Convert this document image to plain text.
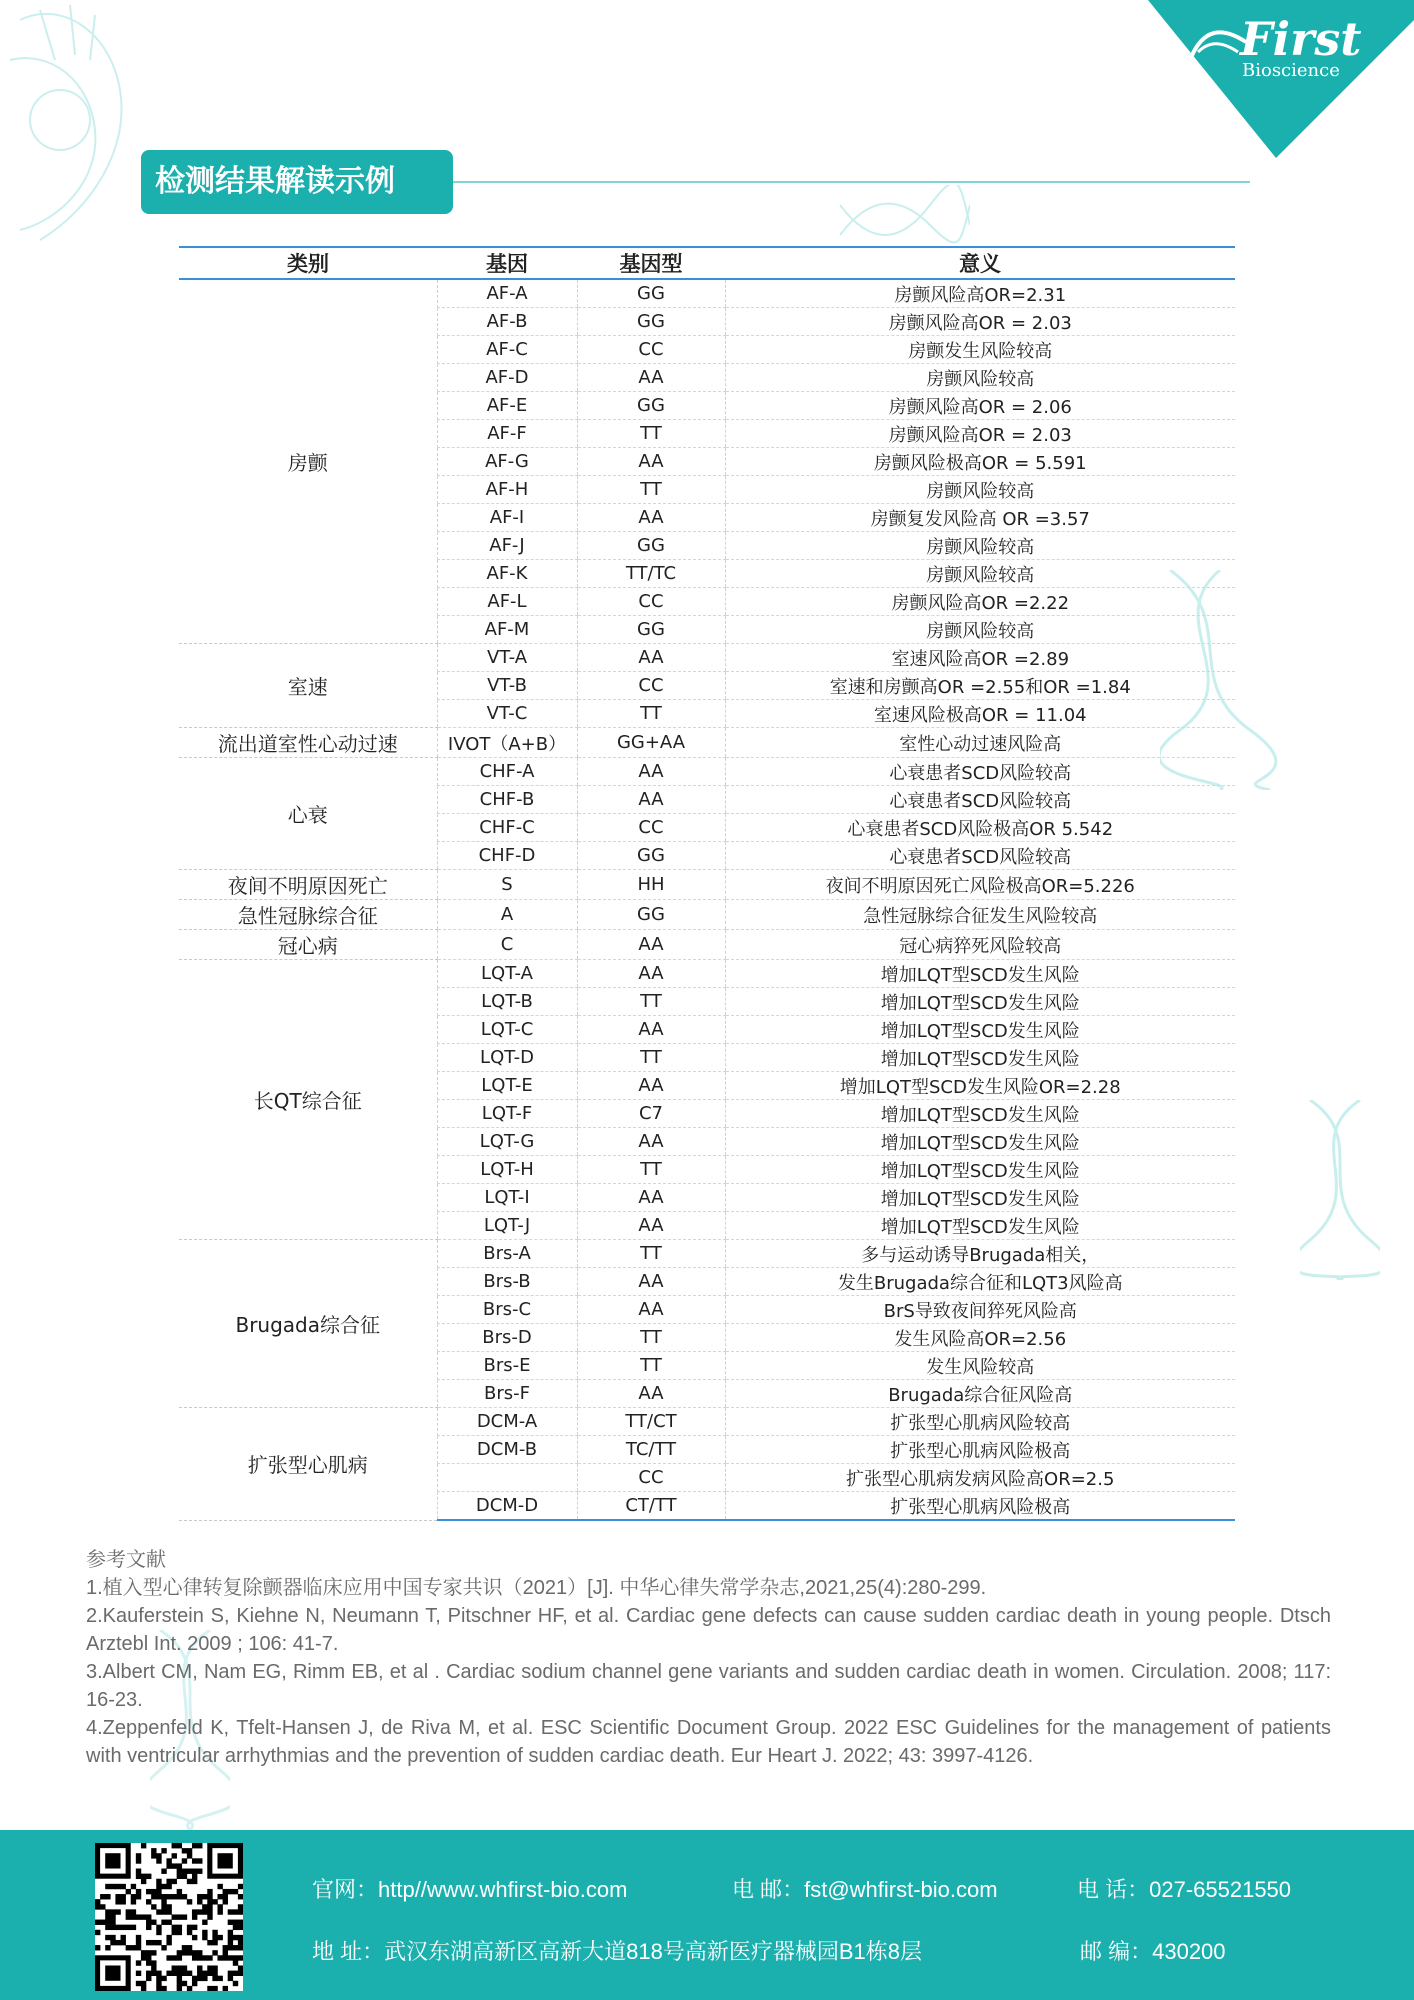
First
Bioscience
检测结果解读示例
类别	基因	基因型	意义
房颤	AF-A	GG	房颤风险高OR=2.31
	AF-B	GG	房颤风险高OR = 2.03
	AF-C	CC	房颤发生风险较高
	AF-D	AA	房颤风险较高
	AF-E	GG	房颤风险高OR = 2.06
	AF-F	TT	房颤风险高OR = 2.03
	AF-G	AA	房颤风险极高OR = 5.591
	AF-H	TT	房颤风险较高
	AF-I	AA	房颤复发风险高 OR =3.57
	AF-J	GG	房颤风险较高
	AF-K	TT/TC	房颤风险较高
	AF-L	CC	房颤风险高OR =2.22
	AF-M	GG	房颤风险较高
室速	VT-A	AA	室速风险高OR =2.89
	VT-B	CC	室速和房颤高OR =2.55和OR =1.84
	VT-C	TT	室速风险极高OR = 11.04
流出道室性心动过速	IVOT（A+B）	GG+AA	室性心动过速风险高
心衰	CHF-A	AA	心衰患者SCD风险较高
	CHF-B	AA	心衰患者SCD风险较高
	CHF-C	CC	心衰患者SCD风险极高OR 5.542
	CHF-D	GG	心衰患者SCD风险较高
夜间不明原因死亡	S	HH	夜间不明原因死亡风险极高OR=5.226
急性冠脉综合征	A	GG	急性冠脉综合征发生风险较高
冠心病	C	AA	冠心病猝死风险较高
长QT综合征	LQT-A	AA	增加LQT型SCD发生风险
	LQT-B	TT	增加LQT型SCD发生风险
	LQT-C	AA	增加LQT型SCD发生风险
	LQT-D	TT	增加LQT型SCD发生风险
	LQT-E	AA	增加LQT型SCD发生风险OR=2.28
	LQT-F	C7	增加LQT型SCD发生风险
	LQT-G	AA	增加LQT型SCD发生风险
	LQT-H	TT	增加LQT型SCD发生风险
	LQT-I	AA	增加LQT型SCD发生风险
	LQT-J	AA	增加LQT型SCD发生风险
Brugada综合征	Brs-A	TT	多与运动诱导Brugada相关，
	Brs-B	AA	发生Brugada综合征和LQT3风险高
	Brs-C	AA	BrS导致夜间猝死风险高
	Brs-D	TT	发生风险高OR=2.56
	Brs-E	TT	发生风险较高
	Brs-F	AA	Brugada综合征风险高
扩张型心肌病	DCM-A	TT/CT	扩张型心肌病风险较高
	DCM-B	TC/TT	扩张型心肌病风险极高
		CC	扩张型心肌病发病风险高OR=2.5
	DCM-D	CT/TT	扩张型心肌病风险极高

参考文献

1.植入型心律转复除颤器临床应用中国专家共识（2021）[J]. 中华心律失常学杂志,2021,25(4):280-299.

2.Kauferstein S, Kiehne N, Neumann T, Pitschner HF, et al. Cardiac gene defects can cause sudden cardiac death in young people. Dtsch Arztebl Int. 2009 ; 106: 41-7.

3.Albert CM, Nam EG, Rimm EB, et al . Cardiac sodium channel gene variants and sudden cardiac death in women. Circulation. 2008; 117: 16-23.

4.Zeppenfeld K, Tfelt-Hansen J, de Riva M, et al. ESC Scientific Document Group. 2022 ESC Guidelines for the management of patients with ventricular arrhythmias and the prevention of sudden cardiac death. Eur Heart J. 2022; 43: 3997-4126.

官网：http//www.whfirst-bio.com	电 邮：fst@whfirst-bio.com	电 话：027-65521550
地 址：武汉东湖高新区高新大道818号高新医疗器械园B1栋8层	邮 编：430200
